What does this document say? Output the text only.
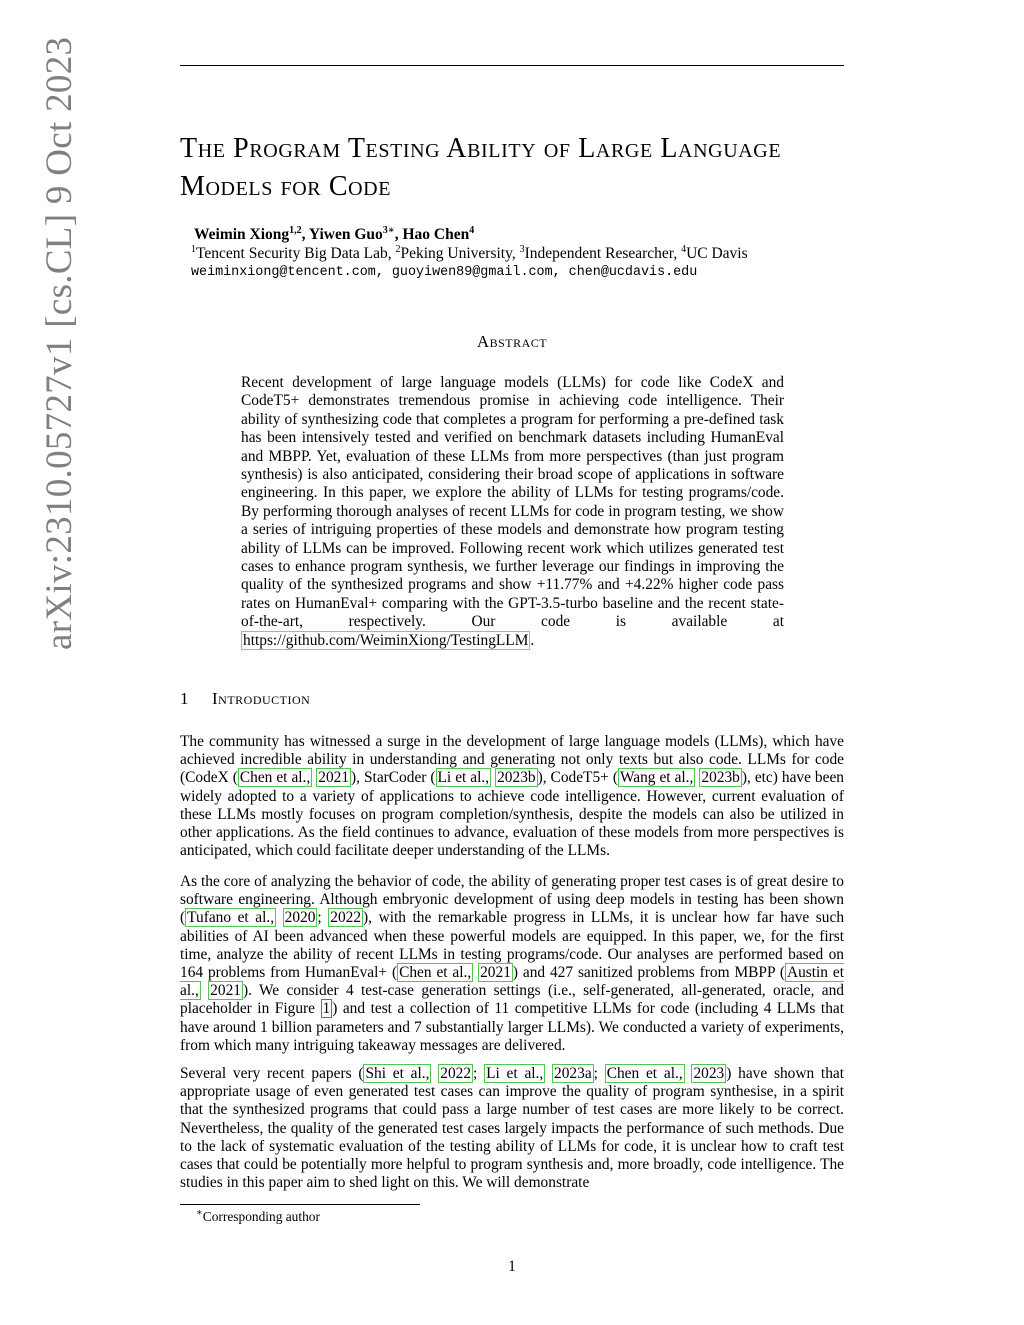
arXiv:2310.05727v1 [cs.CL] 9 Oct 2023	The Program Testing Ability of Large Language Models for Code
Weimin Xiong$^{1,2}$, Yiwen Guo$^{3∗}$, Hao Chen$^4$
$^1$Tencent Security Big Data Lab, $^2$Peking University, $^3$Independent Researcher, $^4$UC Davis
weiminxiong@tencent.com, guoyiwen89@gmail.com, chen@ucdavis.edu
Abstract
Recent development of large language models (LLMs) for code like CodeX and CodeT5+ demonstrates tremendous promise in achieving code intelligence. Their ability of synthesizing code that completes a program for performing a pre-defined task has been intensively tested and verified on benchmark datasets including HumanEval and MBPP. Yet, evaluation of these LLMs from more perspectives (than just program synthesis) is also anticipated, considering their broad scope of applications in software engineering. In this paper, we explore the ability of LLMs for testing programs/code. By performing thorough analyses of recent LLMs for code in program testing, we show a series of intriguing properties of these models and demonstrate how program testing ability of LLMs can be improved. Following recent work which utilizes generated test cases to enhance program synthesis, we further leverage our findings in improving the quality of the synthesized programs and show +11.77% and +4.22% higher code pass rates on HumanEval+ comparing with the GPT-3.5-turbo baseline and the recent state-of-the-art, respectively. Our code is available at https://github.com/WeiminXiong/TestingLLM .
1 Introduction
The community has witnessed a surge in the development of large language models (LLMs), which have achieved incredible ability in understanding and generating not only texts but also code. LLMs for code (CodeX ( Chen et al., 2021 ), StarCoder ( Li et al., 2023b ), CodeT5+ ( Wang et al., 2023b ), etc) have been widely adopted to a variety of applications to achieve code intelligence. However, current evaluation of these LLMs mostly focuses on program completion/synthesis, despite the models can also be utilized in other applications. As the field continues to advance, evaluation of these models from more perspectives is anticipated, which could facilitate deeper understanding of the LLMs.
As the core of analyzing the behavior of code, the ability of generating proper test cases is of great desire to software engineering. Although embryonic development of using deep models in testing has been shown ( Tufano et al., 2020 ; 2022 ), with the remarkable progress in LLMs, it is unclear how far have such abilities of AI been advanced when these powerful models are equipped. In this paper, we, for the first time, analyze the ability of recent LLMs in testing programs/code. Our analyses are performed based on 164 problems from HumanEval+ ( Chen et al., 2021 ) and 427 sanitized problems from MBPP ( Austin et al., 2021 ). We consider 4 test-case generation settings (i.e., self-generated, all-generated, oracle, and placeholder in Figure 1 ) and test a collection of 11 competitive LLMs for code (including 4 LLMs that have around 1 billion parameters and 7 substantially larger LLMs). We conducted a variety of experiments, from which many intriguing takeaway messages are delivered.
Several very recent papers ( Shi et al., 2022 ; Li et al., 2023a ; Chen et al., 2023 ) have shown that appropriate usage of even generated test cases can improve the quality of program synthesise, in a spirit that the synthesized programs that could pass a large number of test cases are more likely to be correct. Nevertheless, the quality of the generated test cases largely impacts the performance of such methods. Due to the lack of systematic evaluation of the testing ability of LLMs for code, it is unclear how to craft test cases that could be potentially more helpful to program synthesis and, more broadly, code intelligence. The studies in this paper aim to shed light on this. We will demonstrate
∗Corresponding author
1
